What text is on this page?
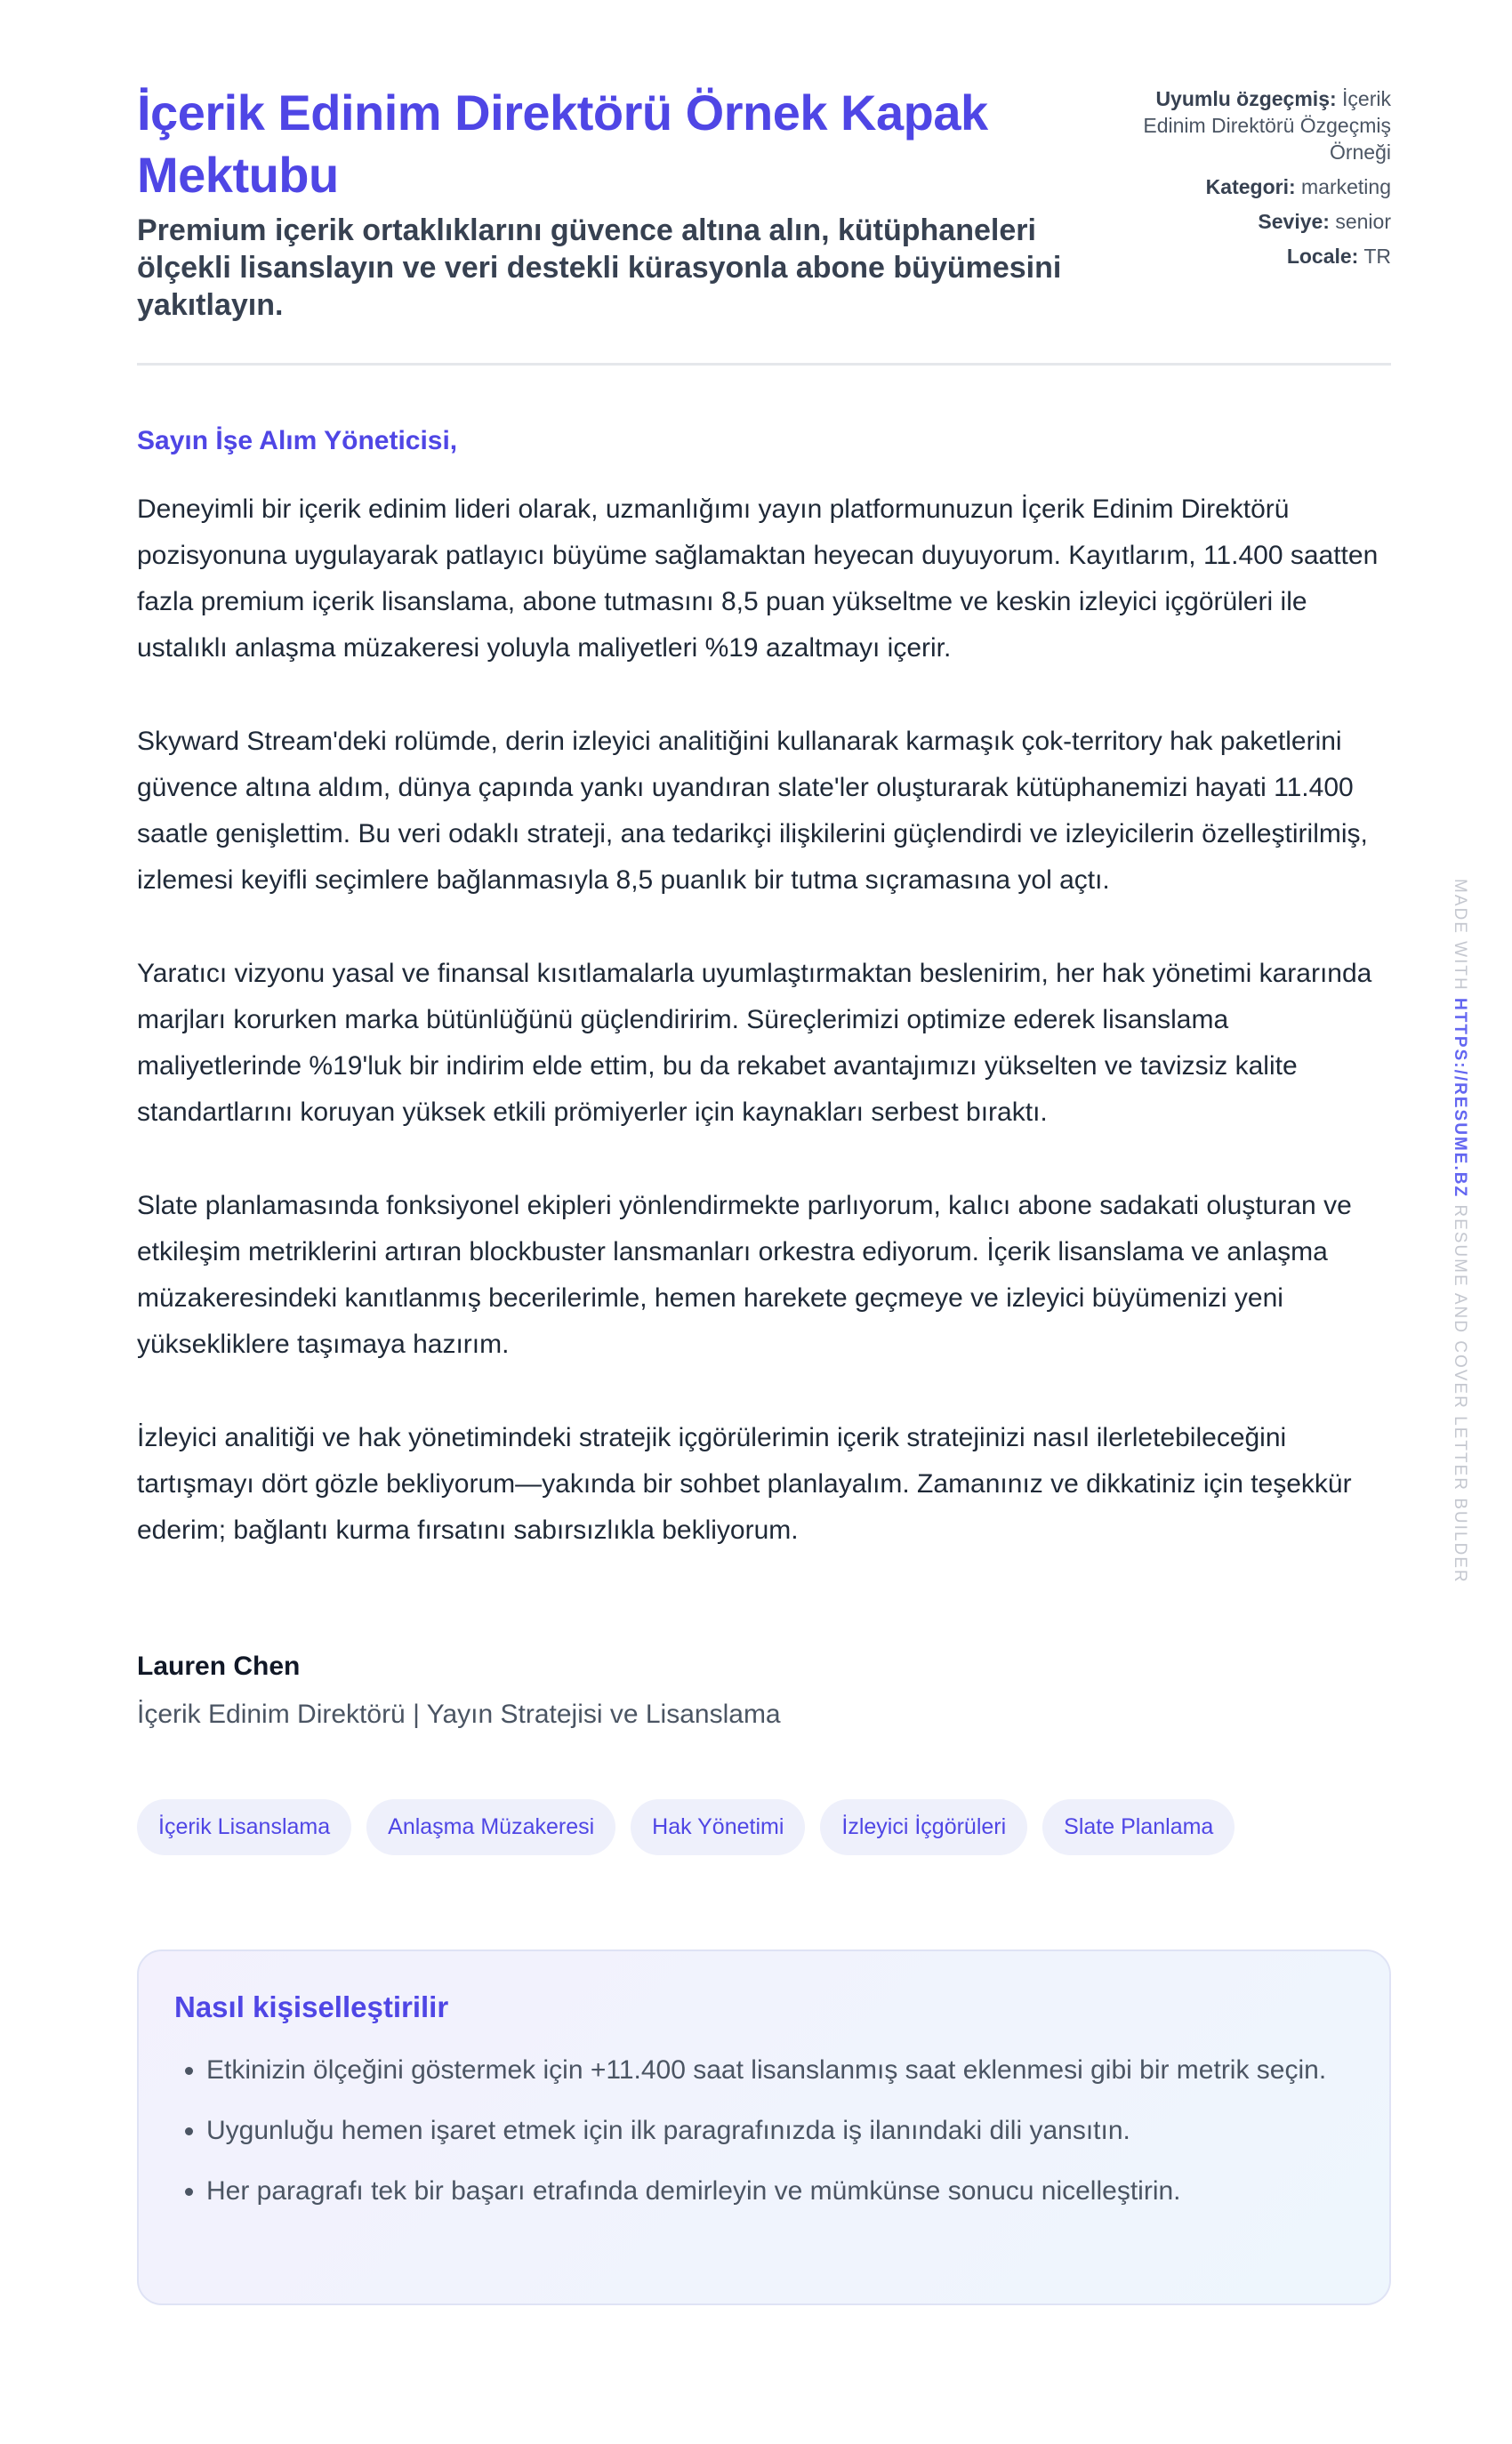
İçerik Edinim Direktörü Örnek Kapak Mektubu

Premium içerik ortaklıklarını güvence altına alın, kütüphaneleri ölçekli lisanslayın ve veri destekli kürasyonla abone büyümesini yakıtlayın.

Uyumlu özgeçmiş: İçerik Edinim Direktörü Özgeçmiş Örneği
Kategori: marketing
Seviye: senior
Locale: TR
Sayın İşe Alım Yöneticisi,

Deneyimli bir içerik edinim lideri olarak, uzmanlığımı yayın platformunuzun İçerik Edinim Direktörü pozisyonuna uygulayarak patlayıcı büyüme sağlamaktan heyecan duyuyorum. Kayıtlarım, 11.400 saatten fazla premium içerik lisanslama, abone tutmasını 8,5 puan yükseltme ve keskin izleyici içgörüleri ile ustalıklı anlaşma müzakeresi yoluyla maliyetleri %19 azaltmayı içerir.

Skyward Stream'deki rolümde, derin izleyici analitiğini kullanarak karmaşık çok-territory hak paketlerini güvence altına aldım, dünya çapında yankı uyandıran slate'ler oluşturarak kütüphanemizi hayati 11.400 saatle genişlettim. Bu veri odaklı strateji, ana tedarikçi ilişkilerini güçlendirdi ve izleyicilerin özelleştirilmiş, izlemesi keyifli seçimlere bağlanmasıyla 8,5 puanlık bir tutma sıçramasına yol açtı.

Yaratıcı vizyonu yasal ve finansal kısıtlamalarla uyumlaştırmaktan beslenirim, her hak yönetimi kararında marjları korurken marka bütünlüğünü güçlendiririm. Süreçlerimizi optimize ederek lisanslama maliyetlerinde %19'luk bir indirim elde ettim, bu da rekabet avantajımızı yükselten ve tavizsiz kalite standartlarını koruyan yüksek etkili prömiyerler için kaynakları serbest bıraktı.

Slate planlamasında fonksiyonel ekipleri yönlendirmekte parlıyorum, kalıcı abone sadakati oluşturan ve etkileşim metriklerini artıran blockbuster lansmanları orkestra ediyorum. İçerik lisanslama ve anlaşma müzakeresindeki kanıtlanmış becerilerimle, hemen harekete geçmeye ve izleyici büyümenizi yeni yüksekliklere taşımaya hazırım.

İzleyici analitiği ve hak yönetimindeki stratejik içgörülerimin içerik stratejinizi nasıl ilerletebileceğini tartışmayı dört gözle bekliyorum—yakında bir sohbet planlayalım. Zamanınız ve dikkatiniz için teşekkür ederim; bağlantı kurma fırsatını sabırsızlıkla bekliyorum.

Lauren Chen
İçerik Edinim Direktörü | Yayın Stratejisi ve Lisanslama
İçerik Lisanslama	Anlaşma Müzakeresi	Hak Yönetimi	İzleyici İçgörüleri	Slate Planlama
Nasıl kişiselleştirilir
• Etkinizin ölçeğini göstermek için +11.400 saat lisanslanmış saat eklenmesi gibi bir metrik seçin.
• Uygunluğu hemen işaret etmek için ilk paragrafınızda iş ilanındaki dili yansıtın.
• Her paragrafı tek bir başarı etrafında demirleyin ve mümkünse sonucu nicelleştirin.
MADE WITH HTTPS://RESUME.BZ RESUME AND COVER LETTER BUILDER
